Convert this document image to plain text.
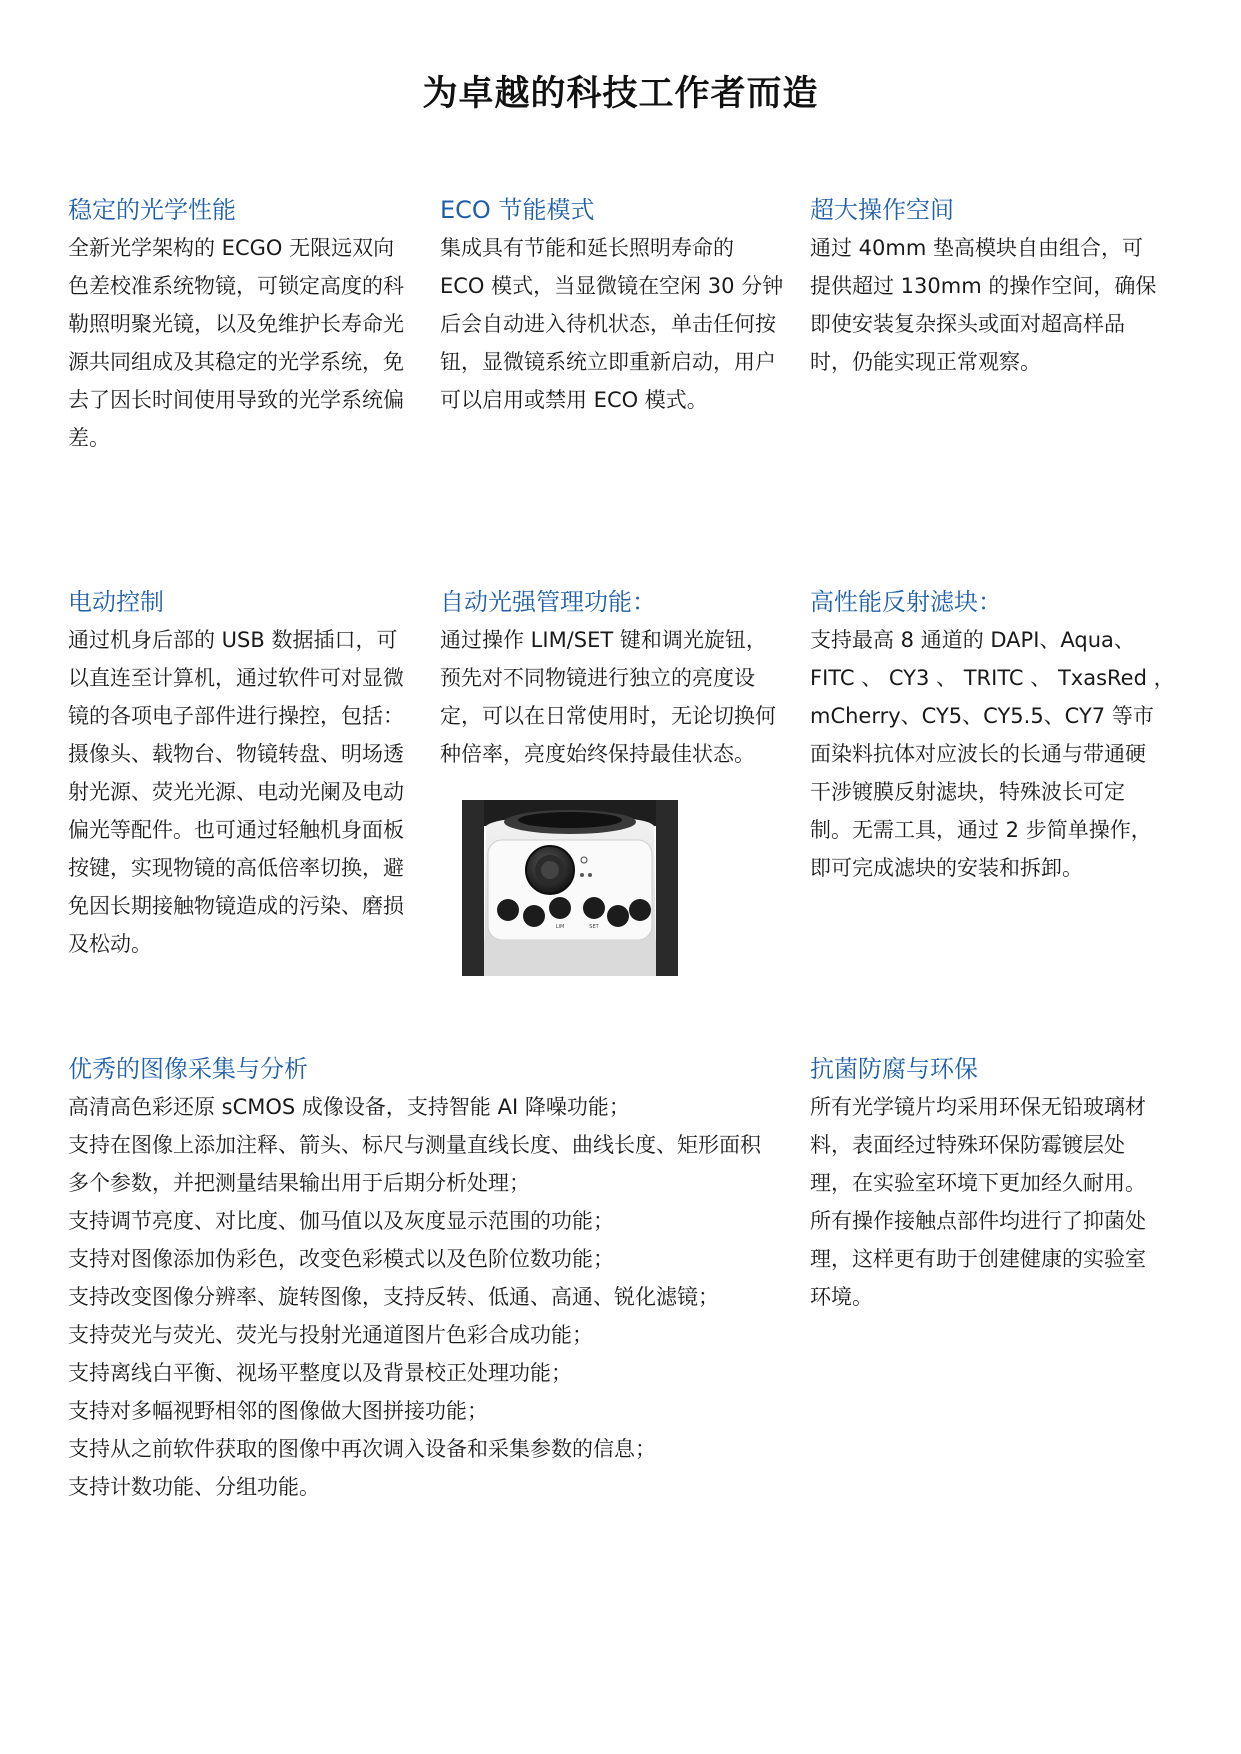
为卓越的科技工作者而造
稳定的光学性能

全新光学架构的 ECGO 无限远双向

色差校准系统物镜，可锁定高度的科

勒照明聚光镜，以及免维护长寿命光

源共同组成及其稳定的光学系统，免

去了因长时间使用导致的光学系统偏

差。

ECO 节能模式

集成具有节能和延长照明寿命的

ECO 模式，当显微镜在空闲 30 分钟

后会自动进入待机状态，单击任何按

钮，显微镜系统立即重新启动，用户

可以启用或禁用 ECO 模式。

超大操作空间

通过 40mm 垫高模块自由组合，可

提供超过 130mm 的操作空间，确保

即使安装复杂探头或面对超高样品

时，仍能实现正常观察。

电动控制

通过机身后部的 USB 数据插口，可

以直连至计算机，通过软件可对显微

镜的各项电子部件进行操控，包括：

摄像头、载物台、物镜转盘、明场透

射光源、荧光光源、电动光阑及电动

偏光等配件。也可通过轻触机身面板

按键，实现物镜的高低倍率切换，避

免因长期接触物镜造成的污染、磨损

及松动。

自动光强管理功能：

通过操作 LIM/SET 键和调光旋钮，

预先对不同物镜进行独立的亮度设

定，可以在日常使用时，无论切换何

种倍率，亮度始终保持最佳状态。

高性能反射滤块：

支持最高 8 通道的 DAPI、Aqua、

FITC 、 CY3 、 TRITC 、 TxasRed ，

mCherry、CY5、CY5.5、CY7 等市

面染料抗体对应波长的长通与带通硬

干涉镀膜反射滤块，特殊波长可定

制。无需工具，通过 2 步简单操作，

即可完成滤块的安装和拆卸。

LIM	SET
优秀的图像采集与分析

高清高色彩还原 sCMOS 成像设备，支持智能 AI 降噪功能；

支持在图像上添加注释、箭头、标尺与测量直线长度、曲线长度、矩形面积

多个参数，并把测量结果输出用于后期分析处理；

支持调节亮度、对比度、伽马值以及灰度显示范围的功能；

支持对图像添加伪彩色，改变色彩模式以及色阶位数功能；

支持改变图像分辨率、旋转图像，支持反转、低通、高通、锐化滤镜；

支持荧光与荧光、荧光与投射光通道图片色彩合成功能；

支持离线白平衡、视场平整度以及背景校正处理功能；

支持对多幅视野相邻的图像做大图拼接功能；

支持从之前软件获取的图像中再次调入设备和采集参数的信息；

支持计数功能、分组功能。

抗菌防腐与环保

所有光学镜片均采用环保无铅玻璃材

料，表面经过特殊环保防霉镀层处

理，在实验室环境下更加经久耐用。

所有操作接触点部件均进行了抑菌处

理，这样更有助于创建健康的实验室

环境。
